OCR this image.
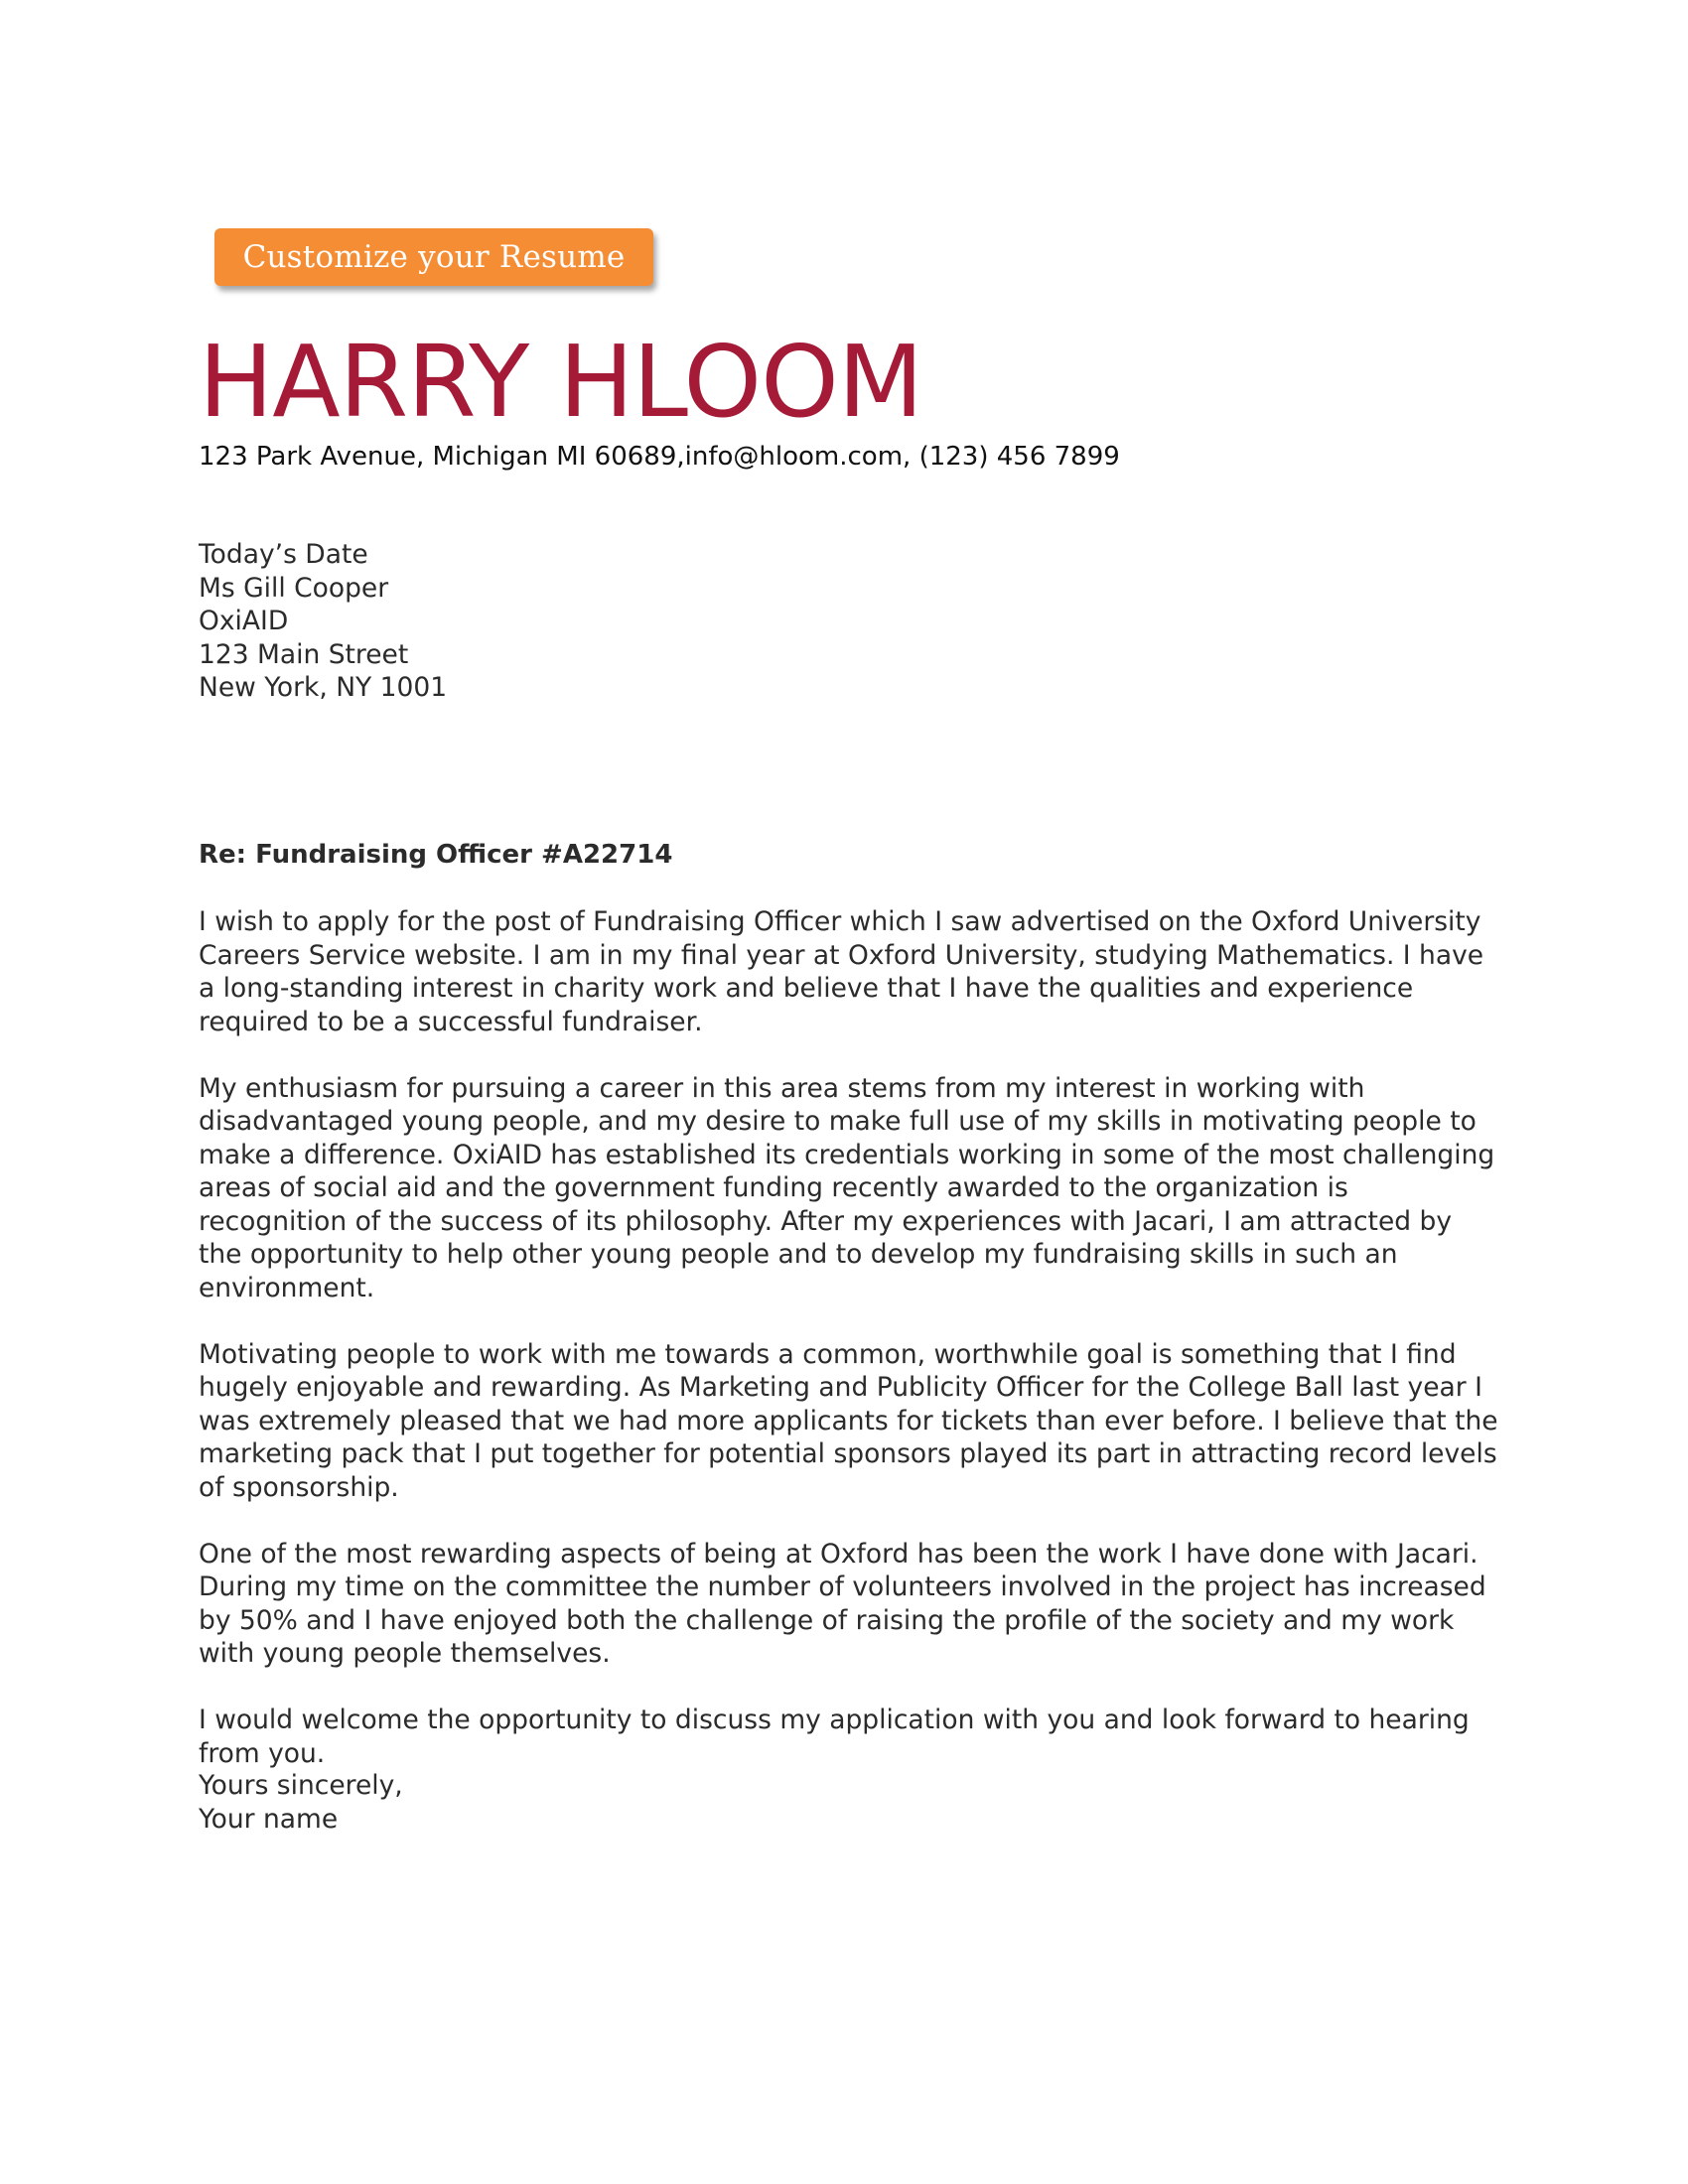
Customize your Resume
HARRY HLOOM
123 Park Avenue, Michigan MI 60689,info@hloom.com, (123) 456 7899
Today’s Date
Ms Gill Cooper
OxiAID
123 Main Street
New York, NY 1001
Re: Fundraising Officer #A22714

I wish to apply for the post of Fundraising Officer which I saw advertised on the Oxford University Careers Service website. I am in my final year at Oxford University, studying Mathematics. I have a long-standing interest in charity work and believe that I have the qualities and experience required to be a successful fundraiser.

My enthusiasm for pursuing a career in this area stems from my interest in working with disadvantaged young people, and my desire to make full use of my skills in motivating people to make a difference. OxiAID has established its credentials working in some of the most challenging areas of social aid and the government funding recently awarded to the organization is recognition of the success of its philosophy. After my experiences with Jacari, I am attracted by the opportunity to help other young people and to develop my fundraising skills in such an environment.

Motivating people to work with me towards a common, worthwhile goal is something that I find hugely enjoyable and rewarding. As Marketing and Publicity Officer for the College Ball last year I was extremely pleased that we had more applicants for tickets than ever before. I believe that the marketing pack that I put together for potential sponsors played its part in attracting record levels of sponsorship.

One of the most rewarding aspects of being at Oxford has been the work I have done with Jacari. During my time on the committee the number of volunteers involved in the project has increased by 50% and I have enjoyed both the challenge of raising the profile of the society and my work with young people themselves.

I would welcome the opportunity to discuss my application with you and look forward to hearing from you.

Yours sincerely,
Your name
